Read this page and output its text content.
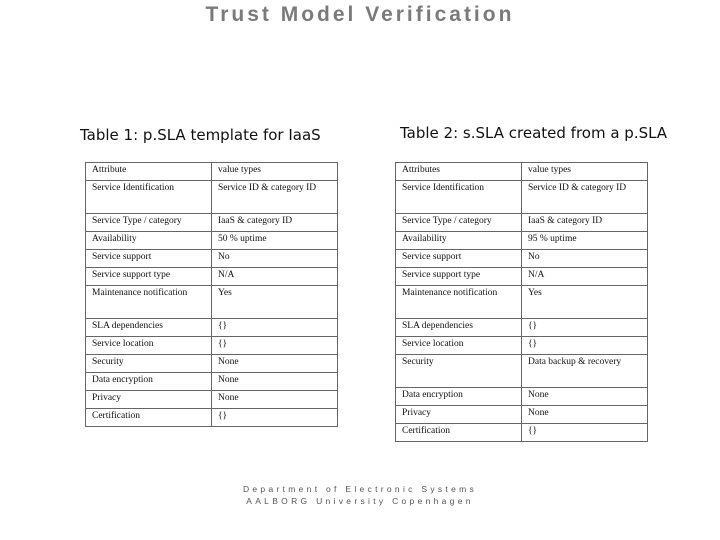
Trust Model Verification
Table 1: p.SLA template for IaaS	Table 2: s.SLA created from a p.SLA
Attribute	value types
Service Identification	Service ID & category ID
Service Type / category	IaaS & category ID
Availability	50 % uptime
Service support	No
Service support type	N/A
Maintenance notification	Yes
SLA dependencies	{}
Service location	{}
Security	None
Data encryption	None
Privacy	None
Certification	{}
Attributes	value types
Service Identification	Service ID & category ID
Service Type / category	IaaS & category ID
Availability	95 % uptime
Service support	No
Service support type	N/A
Maintenance notification	Yes
SLA dependencies	{}
Service location	{}
Security	Data backup & recovery
Data encryption	None
Privacy	None
Certification	{}
Department of Electronic Systems
AALBORG University Copenhagen
